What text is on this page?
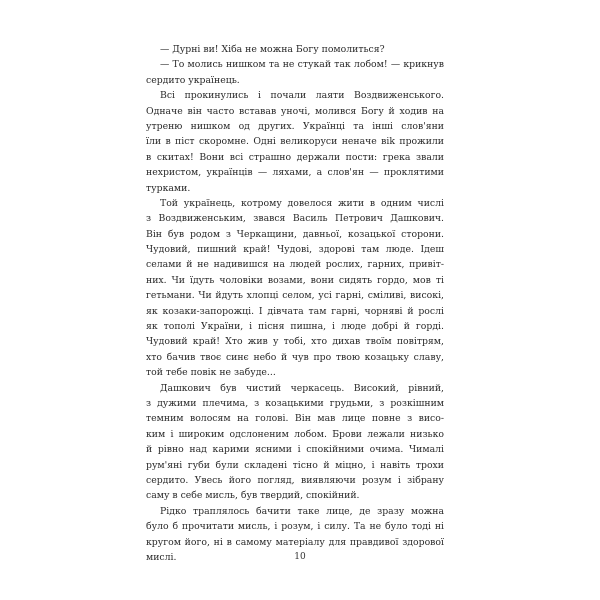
— Дурні ви! Хіба не можна Богу помолиться?
— То молись нишком та не стукай так лобом! — крикнув
сердито українець.
Всі прокинулись і почали лаяти Воздвиженського.
Одначе він часто вставав уночі, молився Богу й ходив на
утреню нишком од других. Українці та інші слов'яни
їли в піст скоромне. Одні великоруси неначе віk прожили
в скитах! Вони всі страшно держали пости: грека звали
нехристом, українців — ляхами, а слов'ян — проклятими
турками.
Той українець, котрому довелося жити в одним числі
з Воздвиженським, звався Василь Петрович Дашкович.
Він був родом з Черкащини, давньої, козацької сторони.
Чудовий, пишний край! Чудові, здорові там люде. Ідеш
селами й не надивишся на людей рослих, гарних, привіт-
них. Чи їдуть чоловіки возами, вони сидять гордо, мов ті
гетьмани. Чи йдуть хлопці селом, усі гарні, сміливі, високі,
як козаки-запорожці. І дівчата там гарні, чорняві й рослі
як тополі України, і пісня пишна, і люде добрі й горді.
Чудовий край! Хто жив у тобі, хто дихав твоїм повітрям,
хто бачив твоє синє небо й чув про твою козацьку славу,
той тебе повік не забуде...
Дашкович був чистий черкасець. Високий, рівний,
з дужими плечима, з козацькими грудьми, з розкішним
темним волосям на голові. Він мав лице повне з висо-
ким і широким одслоненим лобом. Брови лежали низько
й рівно над карими ясними і спокійними очима. Чималі
рум'яні губи були складені тісно й міцно, і навіть трохи
сердито. Увесь його погляд, виявляючи розум і зібрану
саму в себе мисль, був твердий, спокійний.
Рідко траплялось бачити таке лице, де зразу можна
було б прочитати мисль, і розум, і силу. Та не було тоді ні
кругом його, ні в самому матеріалу для правдивої здорової
мислі.	10
